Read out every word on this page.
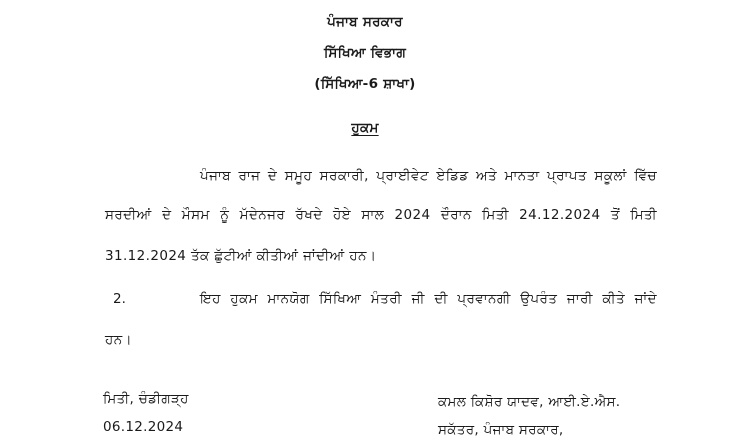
ਪੰਜਾਬ ਸਰਕਾਰ
ਸਿੱਖਿਆ ਵਿਭਾਗ
(ਸਿੱਖਿਆ-6 ਸ਼ਾਖਾ)
ਹੁਕਮ
ਪੰਜਾਬ ਰਾਜ ਦੇ ਸਮੂਹ ਸਰਕਾਰੀ, ਪ੍ਰਾਈਵੇਟ ਏਡਿਡ ਅਤੇ ਮਾਨਤਾ ਪ੍ਰਾਪਤ ਸਕੂਲਾਂ ਵਿੱਚ
ਸਰਦੀਆਂ ਦੇ ਮੌਸਮ ਨੂੰ ਮੱਦੇਨਜਰ ਰੱਖਦੇ ਹੋਏ ਸਾਲ 2024 ਦੌਰਾਨ ਮਿਤੀ 24.12.2024 ਤੋਂ ਮਿਤੀ
31.12.2024 ਤੱਕ ਛੁੱਟੀਆਂ ਕੀਤੀਆਂ ਜਾਂਦੀਆਂ ਹਨ।
2.	ਇਹ ਹੁਕਮ ਮਾਨਯੋਗ ਸਿੱਖਿਆ ਮੰਤਰੀ ਜੀ ਦੀ ਪ੍ਰਵਾਨਗੀ ਉਪਰੰਤ ਜਾਰੀ ਕੀਤੇ ਜਾਂਦੇ
ਹਨ।
ਮਿਤੀ, ਚੰਡੀਗੜ੍ਹ
06.12.2024
ਕਮਲ ਕਿਸ਼ੋਰ ਯਾਦਵ, ਆਈ.ਏ.ਐਸ.
ਸਕੱਤਰ, ਪੰਜਾਬ ਸਰਕਾਰ,
